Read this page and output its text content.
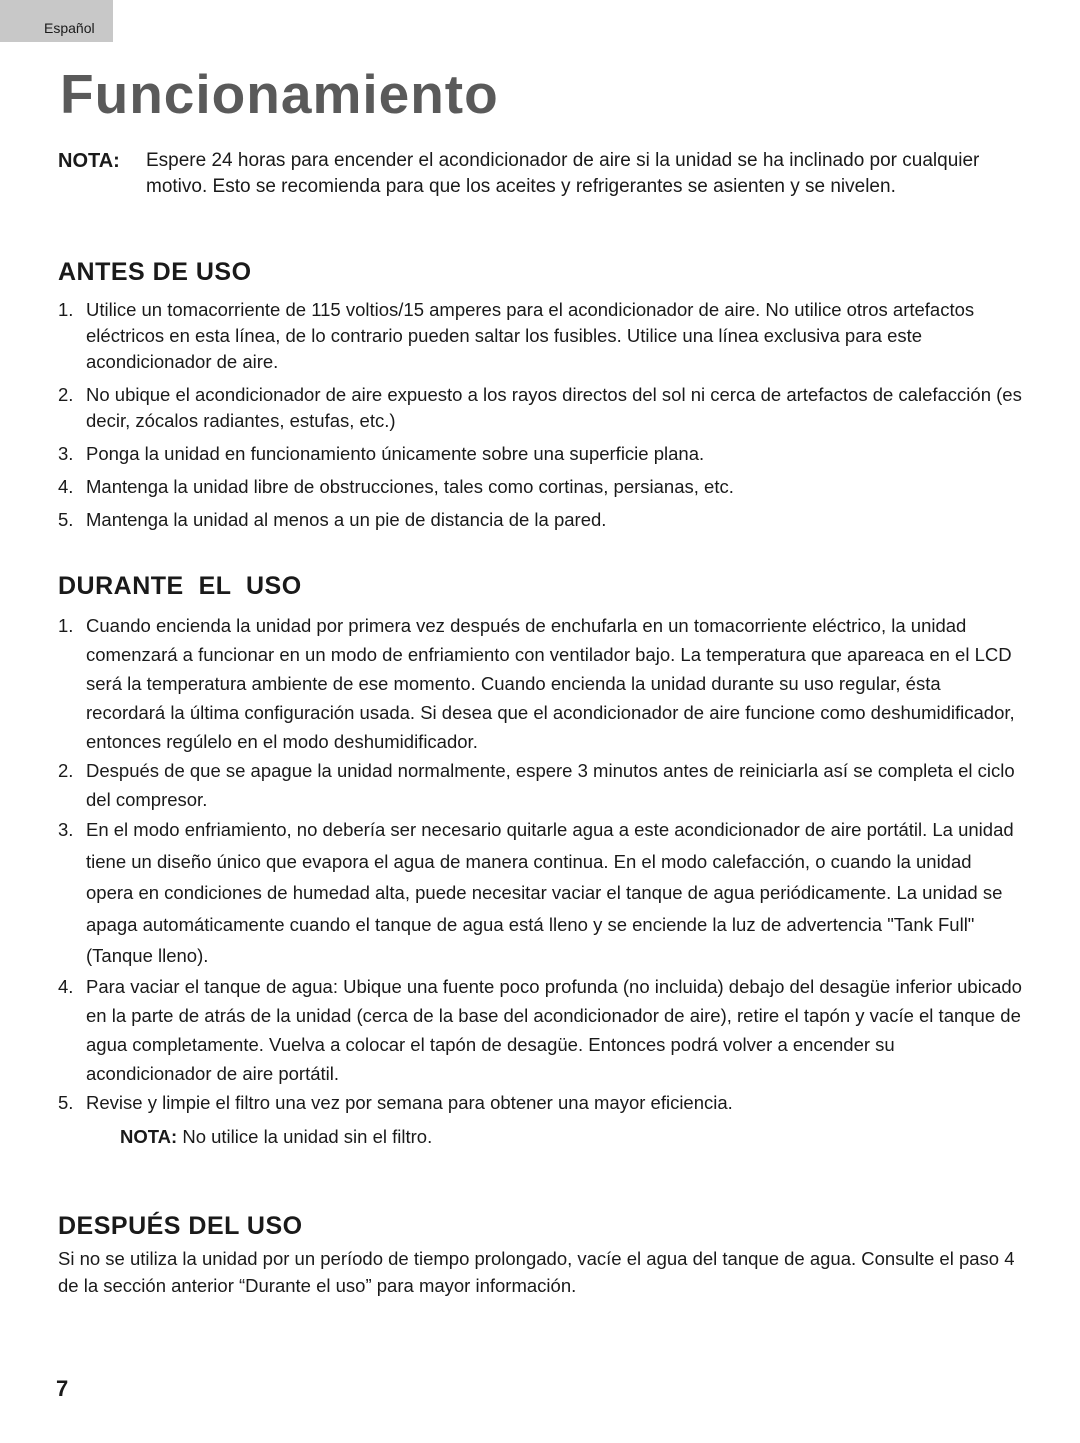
Español
Funcionamiento
NOTA:	Espere 24 horas para encender el acondicionador de aire si la unidad se ha inclinado por cualquier motivo. Esto se recomienda para que los aceites y refrigerantes se asienten y se nivelen.
ANTES DE USO
1. Utilice un tomacorriente de 115 voltios/15 amperes para el acondicionador de aire. No utilice otros artefactos eléctricos en esta línea, de lo contrario pueden saltar los fusibles. Utilice una línea exclusiva para este acondicionador de aire.
2. No ubique el acondicionador de aire expuesto a los rayos directos del sol ni cerca de artefactos de calefacción (es decir, zócalos radiantes, estufas, etc.)
3. Ponga la unidad en funcionamiento únicamente sobre una superficie plana.
4. Mantenga la unidad libre de obstrucciones, tales como cortinas, persianas, etc.
5. Mantenga la unidad al menos a un pie de distancia de la pared.
DURANTE  EL  USO
1. Cuando encienda la unidad por primera vez después de enchufarla en un tomacorriente eléctrico, la unidad comenzará a funcionar en un modo de enfriamiento con ventilador bajo. La temperatura que apareaca en el LCD será la temperatura ambiente de ese momento. Cuando encienda la unidad durante su uso regular, ésta recordará la última configuración usada. Si desea que el acondicionador de aire funcione como deshumidificador, entonces regúlelo en el modo deshumidificador.
2. Después de que se apague la unidad normalmente, espere 3 minutos antes de reiniciarla así se completa el ciclo del compresor.
3. En el modo enfriamiento, no debería ser necesario quitarle agua a este acondicionador de aire portátil. La unidad tiene un diseño único que evapora el agua de manera continua. En el modo calefacción, o cuando la unidad opera en condiciones de humedad alta, puede necesitar vaciar el tanque de agua periódicamente. La unidad se apaga automáticamente cuando el tanque de agua está lleno y se enciende la luz de advertencia "Tank Full" (Tanque lleno).
4. Para vaciar el tanque de agua: Ubique una fuente poco profunda (no incluida) debajo del desagüe inferior ubicado en la parte de atrás de la unidad (cerca de la base del acondicionador de aire), retire el tapón y vacíe el tanque de agua completamente. Vuelva a colocar el tapón de desagüe. Entonces podrá volver a encender su acondicionador de aire portátil.
5. Revise y limpie el filtro una vez por semana para obtener una mayor eficiencia.

NOTA: No utilice la unidad sin el filtro.

DESPUÉS DEL USO

Si no se utiliza la unidad por un período de tiempo prolongado, vacíe el agua del tanque de agua. Consulte el paso 4 de la sección anterior “Durante el uso” para mayor información.

7
